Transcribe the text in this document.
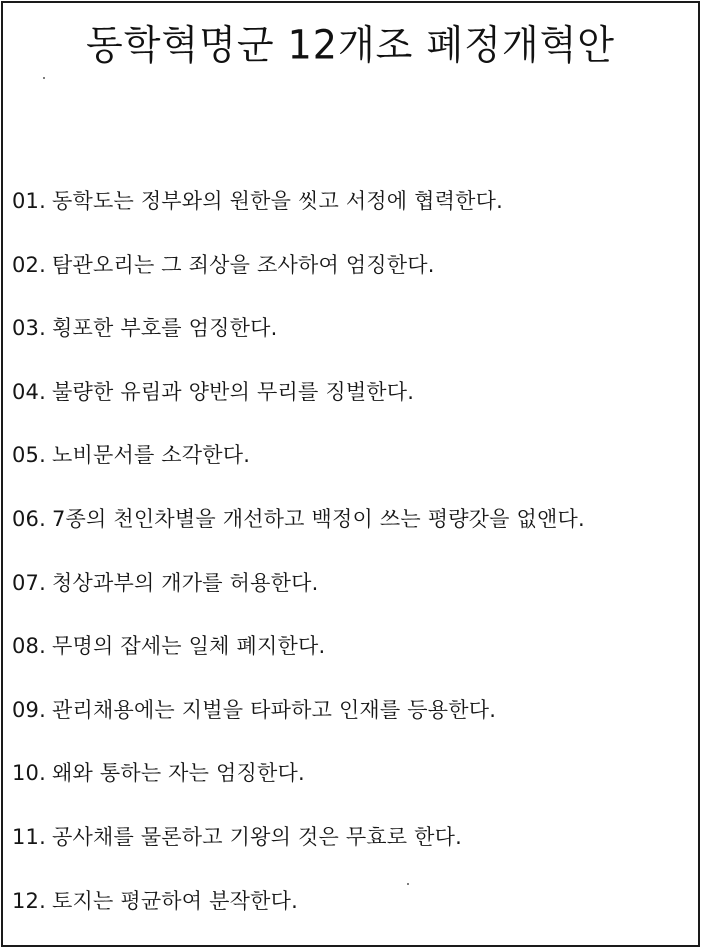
동학혁명군 12개조 폐정개혁안
01. 동학도는 정부와의 원한을 씻고 서정에 협력한다.
02. 탐관오리는 그 죄상을 조사하여 엄징한다.
03. 횡포한 부호를 엄징한다.
04. 불량한 유림과 양반의 무리를 징벌한다.
05. 노비문서를 소각한다.
06. 7종의 천인차별을 개선하고 백정이 쓰는 평량갓을 없앤다.
07. 청상과부의 개가를 허용한다.
08. 무명의 잡세는 일체 폐지한다.
09. 관리채용에는 지벌을 타파하고 인재를 등용한다.
10. 왜와 통하는 자는 엄징한다.
11. 공사채를 물론하고 기왕의 것은 무효로 한다.
12. 토지는 평균하여 분작한다.
